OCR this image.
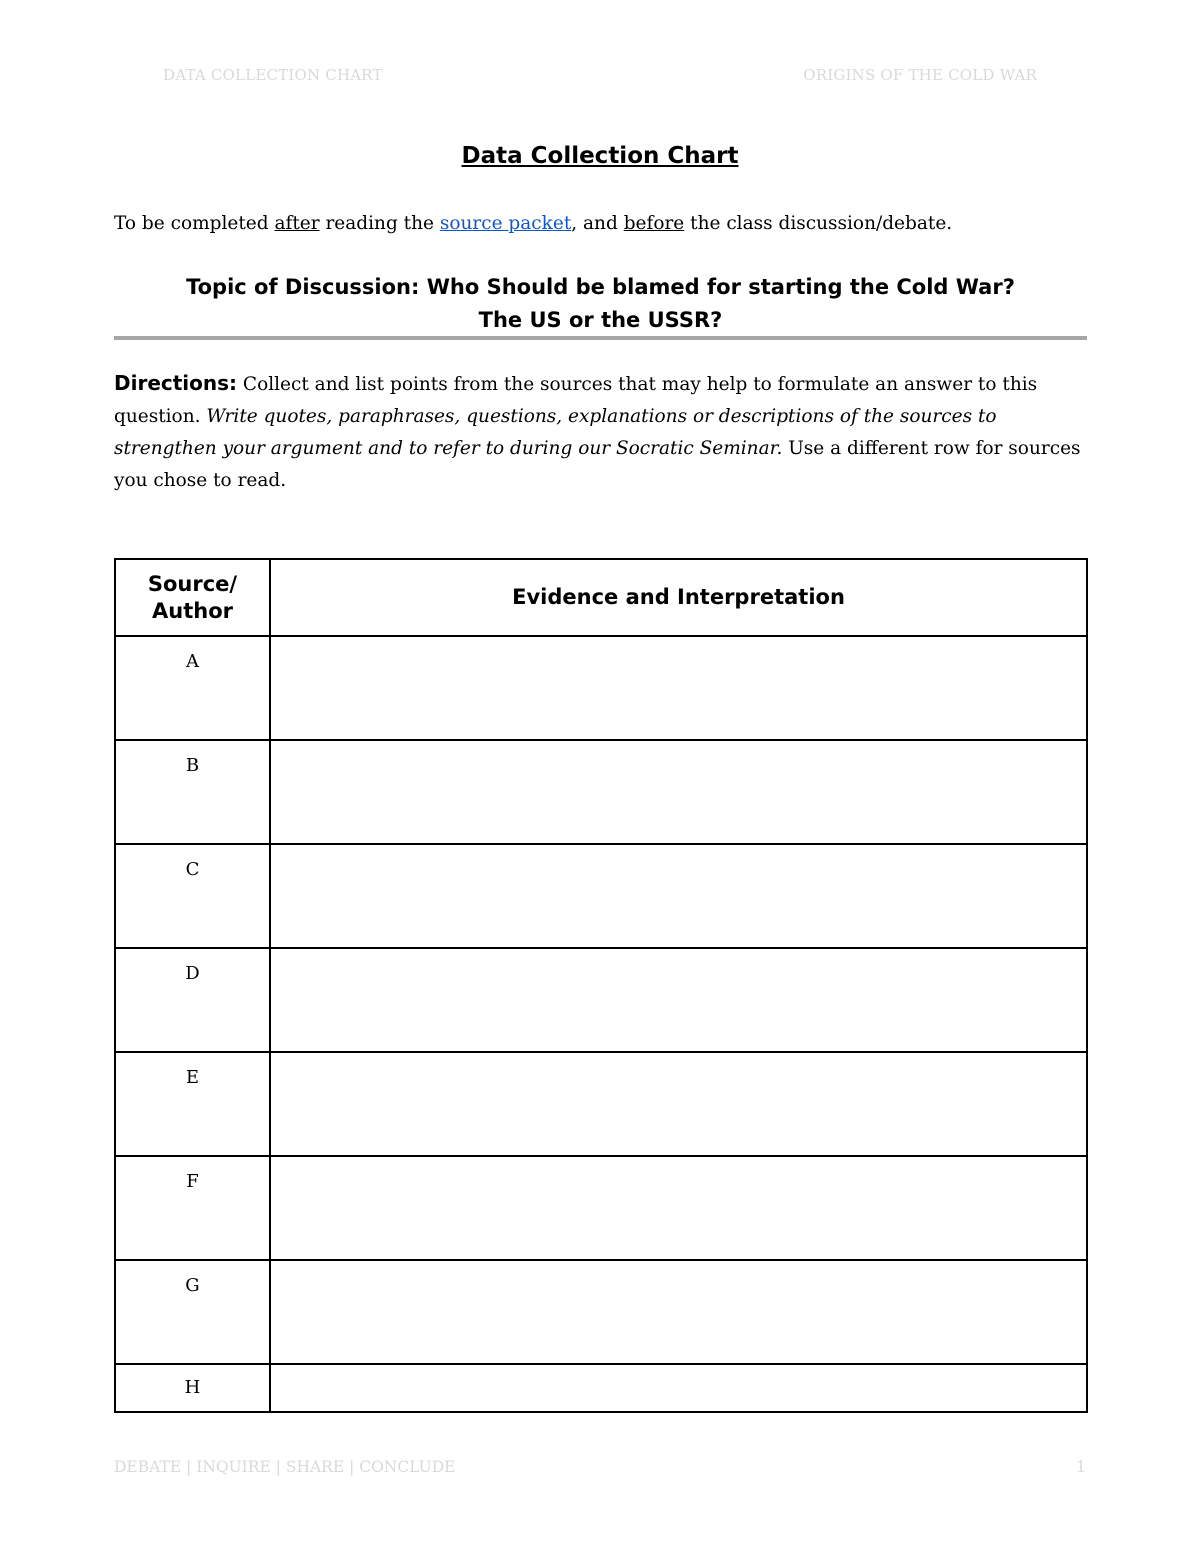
DATA COLLECTION CHART	ORIGINS OF THE COLD WAR
Data Collection Chart
To be completed after reading the source packet, and before the class discussion/debate.
Topic of Discussion: Who Should be blamed for starting the Cold War?
The US or the USSR?
Directions: Collect and list points from the sources that may help to formulate an answer to this question. Write quotes, paraphrases, questions, explanations or descriptions of the sources to strengthen your argument and to refer to during our Socratic Seminar. Use a different row for sources you chose to read.
Source/
Author	Evidence and Interpretation
A	
B	
C	
D	
E	
F	
G	
H	
DEBATE | INQUIRE | SHARE | CONCLUDE	1
